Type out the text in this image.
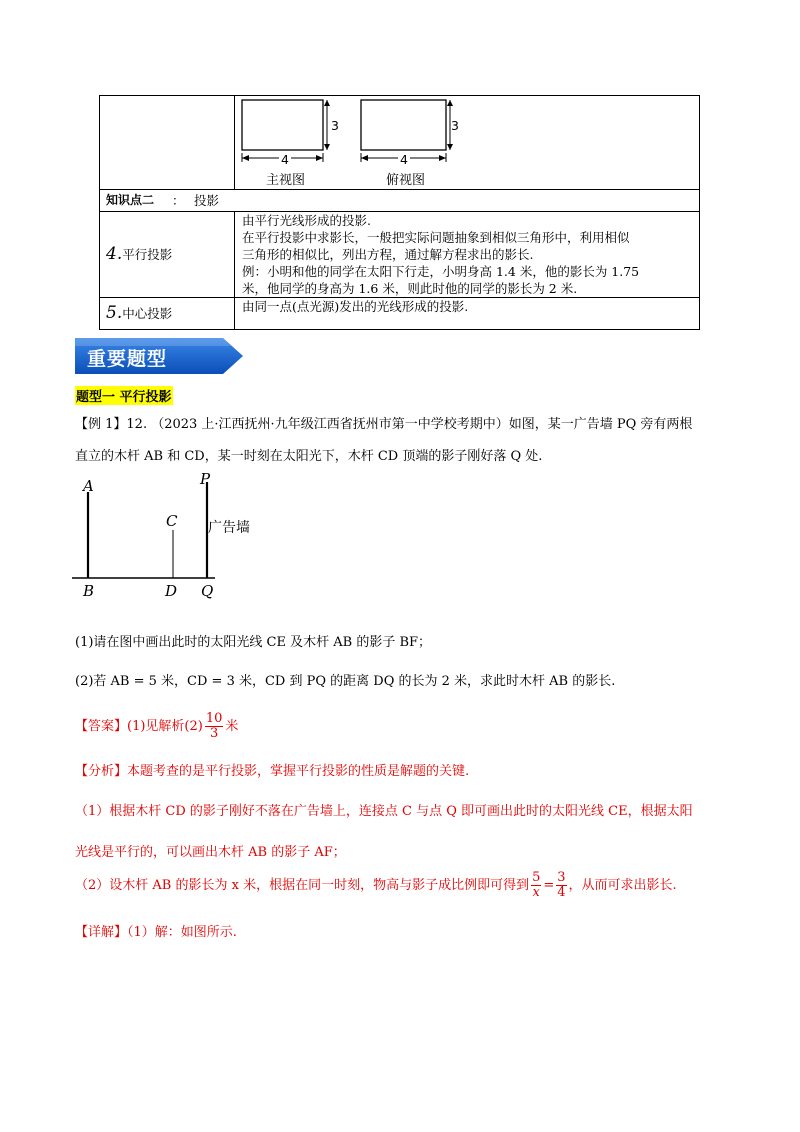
3	3
4	4
主视图	俯视图
知识点二 ： 投影
4.平行投影
由平行光线形成的投影.
在平行投影中求影长，一般把实际问题抽象到相似三角形中，利用相似
三角形的相似比，列出方程，通过解方程求出的影长.
例：小明和他的同学在太阳下行走，小明身高 1.4 米，他的影长为 1.75
米，他同学的身高为 1.6 米，则此时他的同学的影长为 2 米.
5.中心投影	由同一点(点光源)发出的光线形成的投影.
重要题型
题型一 平行投影
【例 1】12. （2023 上·江西抚州·九年级江西省抚州市第一中学校考期中）如图，某一广告墙 PQ 旁有两根
直立的木杆 AB 和 CD，某一时刻在太阳光下，木杆 CD 顶端的影子刚好落 Q 处.
A
B
C
D
P
Q
广告墙
(1)请在图中画出此时的太阳光线 CE 及木杆 AB 的影子 BF；
(2)若 AB = 5 米，CD = 3 米，CD 到 PQ 的距离 DQ 的长为 2 米，求此时木杆 AB 的影长.
【答案】(1)见解析$(2) \frac{10}{3}$ 米
【分析】本题考查的是平行投影，掌握平行投影的性质是解题的关键.
（1）根据木杆 CD 的影子刚好不落在广告墙上，连接点 C 与点 Q 即可画出此时的太阳光线 CE，根据太阳
光线是平行的，可以画出木杆 AB 的影子 AF；
（2）设木杆 AB 的影长为 x 米，根据在同一时刻，物高与影子成比例即可得到 $\frac{5}{x} = \frac{3}{4}$ ，从而可求出影长.
【详解】（1）解：如图所示.
